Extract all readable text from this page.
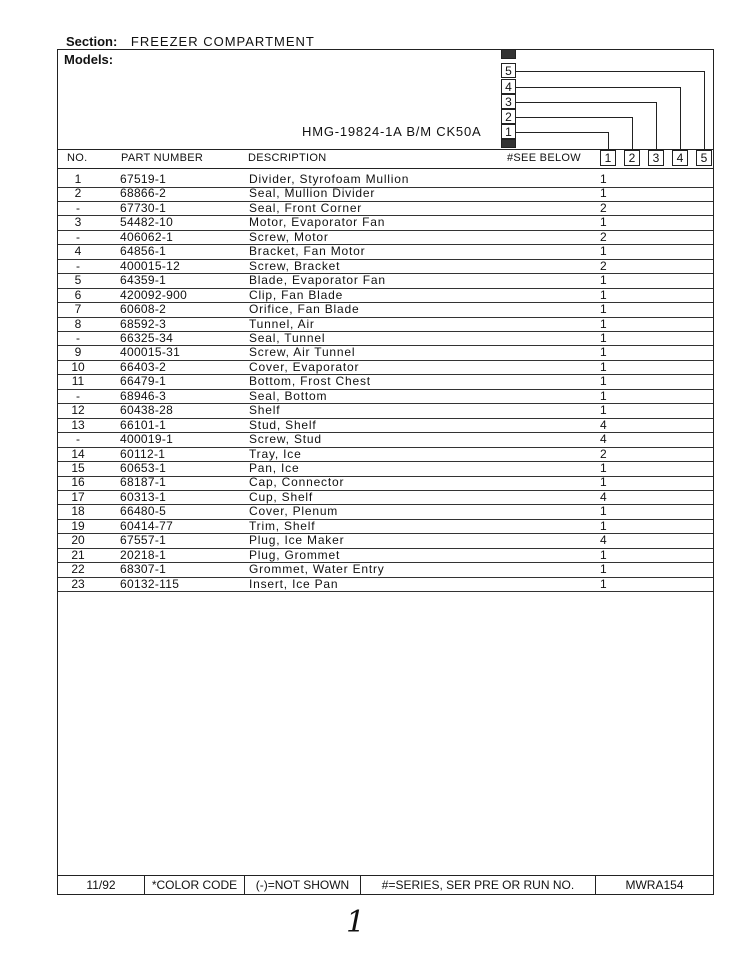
Section: FREEZER COMPARTMENT
Models:
HMG-19824-1A B/M CK50A
5
4
3
2
1
NO.	PART NUMBER	DESCRIPTION	#SEE BELOW	1	2	3	4	5
1	67519-1	Divider, Styrofoam Mullion	1
2	68866-2	Seal, Mullion Divider	1
-	67730-1	Seal, Front Corner	2
3	54482-10	Motor, Evaporator Fan	1
-	406062-1	Screw, Motor	2
4	64856-1	Bracket, Fan Motor	1
-	400015-12	Screw, Bracket	2
5	64359-1	Blade, Evaporator Fan	1
6	420092-900	Clip, Fan Blade	1
7	60608-2	Orifice, Fan Blade	1
8	68592-3	Tunnel, Air	1
-	66325-34	Seal, Tunnel	1
9	400015-31	Screw, Air Tunnel	1
10	66403-2	Cover, Evaporator	1
11	66479-1	Bottom, Frost Chest	1
-	68946-3	Seal, Bottom	1
12	60438-28	Shelf	1
13	66101-1	Stud, Shelf	4
-	400019-1	Screw, Stud	4
14	60112-1	Tray, Ice	2
15	60653-1	Pan, Ice	1
16	68187-1	Cap, Connector	1
17	60313-1	Cup, Shelf	4
18	66480-5	Cover, Plenum	1
19	60414-77	Trim, Shelf	1
20	67557-1	Plug, Ice Maker	4
21	20218-1	Plug, Grommet	1
22	68307-1	Grommet, Water Entry	1
23	60132-115	Insert, Ice Pan	1
11/92	*COLOR CODE	(-)=NOT SHOWN	#=SERIES, SER PRE OR RUN NO.	MWRA154
1
